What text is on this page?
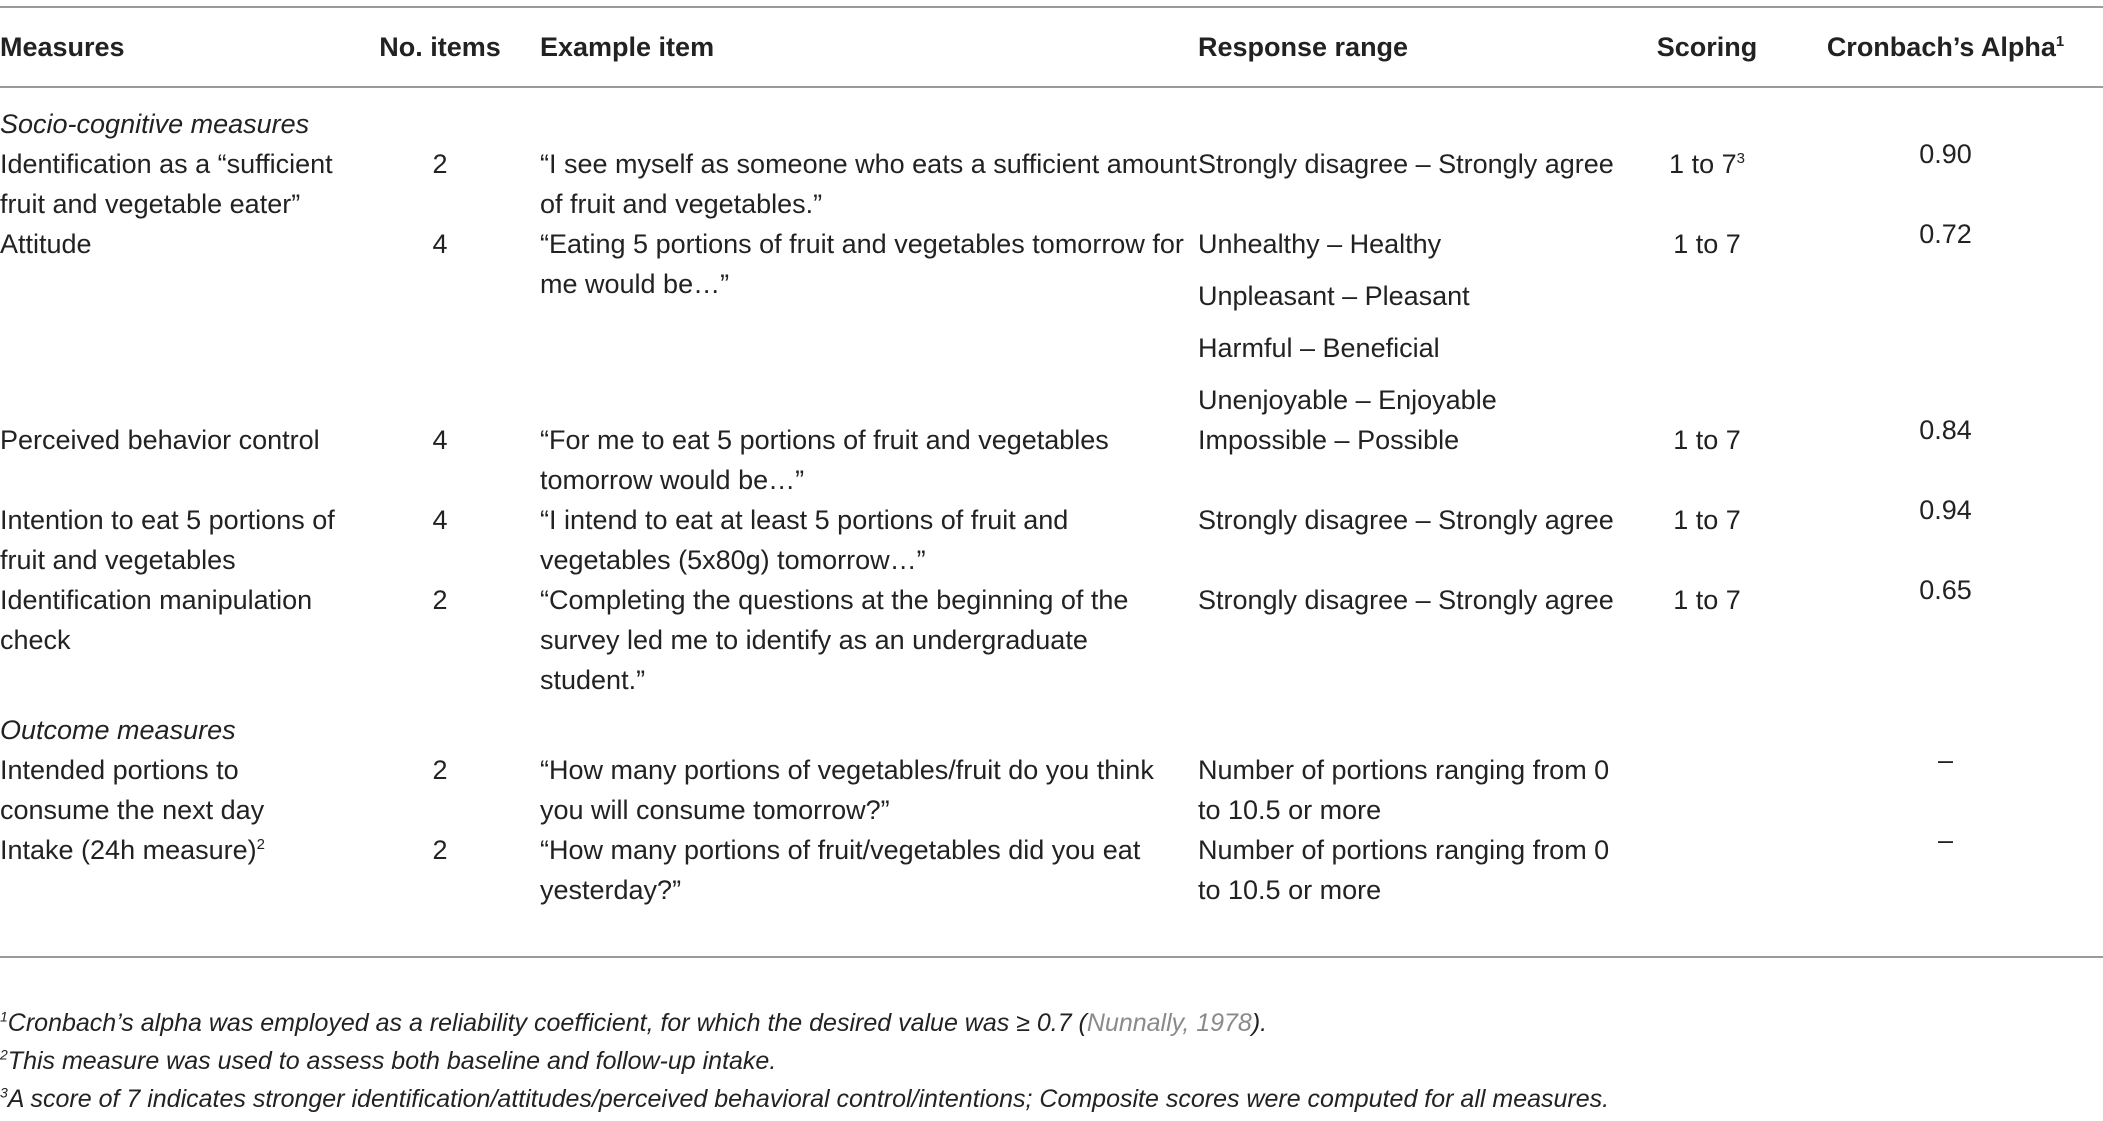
Measures	No. items	Example item	Response range	Scoring	Cronbach’s Alpha$^1$
Socio-cognitive measures					
Identification as a “sufficient fruit and vegetable eater”	2	“I see myself as someone who eats a sufficient amount of fruit and vegetables.”	Strongly disagree – Strongly agree	1 to $7^3$	0.90

Attitude	4	“Eating 5 portions of fruit and vegetables tomorrow for me would be…”	Unhealthy – Healthy
Unpleasant – Pleasant
Harmful – Beneficial
Unenjoyable – Enjoyable	1 to 7	0.72

Perceived behavior control	4	“For me to eat 5 portions of fruit and vegetables tomorrow would be…”	Impossible – Possible	1 to 7	0.84

Intention to eat 5 portions of fruit and vegetables	4	“I intend to eat at least 5 portions of fruit and vegetables (5x80g) tomorrow…”	Strongly disagree – Strongly agree	1 to 7	0.94

Identification manipulation check	2	“Completing the questions at the beginning of the survey led me to identify as an undergraduate student.”	Strongly disagree – Strongly agree	1 to 7	0.65

Outcome measures					
Intended portions to consume the next day	2	“How many portions of vegetables/fruit do you think you will consume tomorrow?”	Number of portions ranging from 0 to 10.5 or more		–

Intake (24h measure)$^2$	2	“How many portions of fruit/vegetables did you eat yesterday?”	Number of portions ranging from 0 to 10.5 or more		–
$^1$Cronbach’s alpha was employed as a reliability coefficient, for which the desired value was ≥ 0.7 (Nunnally, 1978).
$^2$This measure was used to assess both baseline and follow-up intake.
$^3$A score of 7 indicates stronger identification/attitudes/perceived behavioral control/intentions; Composite scores were computed for all measures.
